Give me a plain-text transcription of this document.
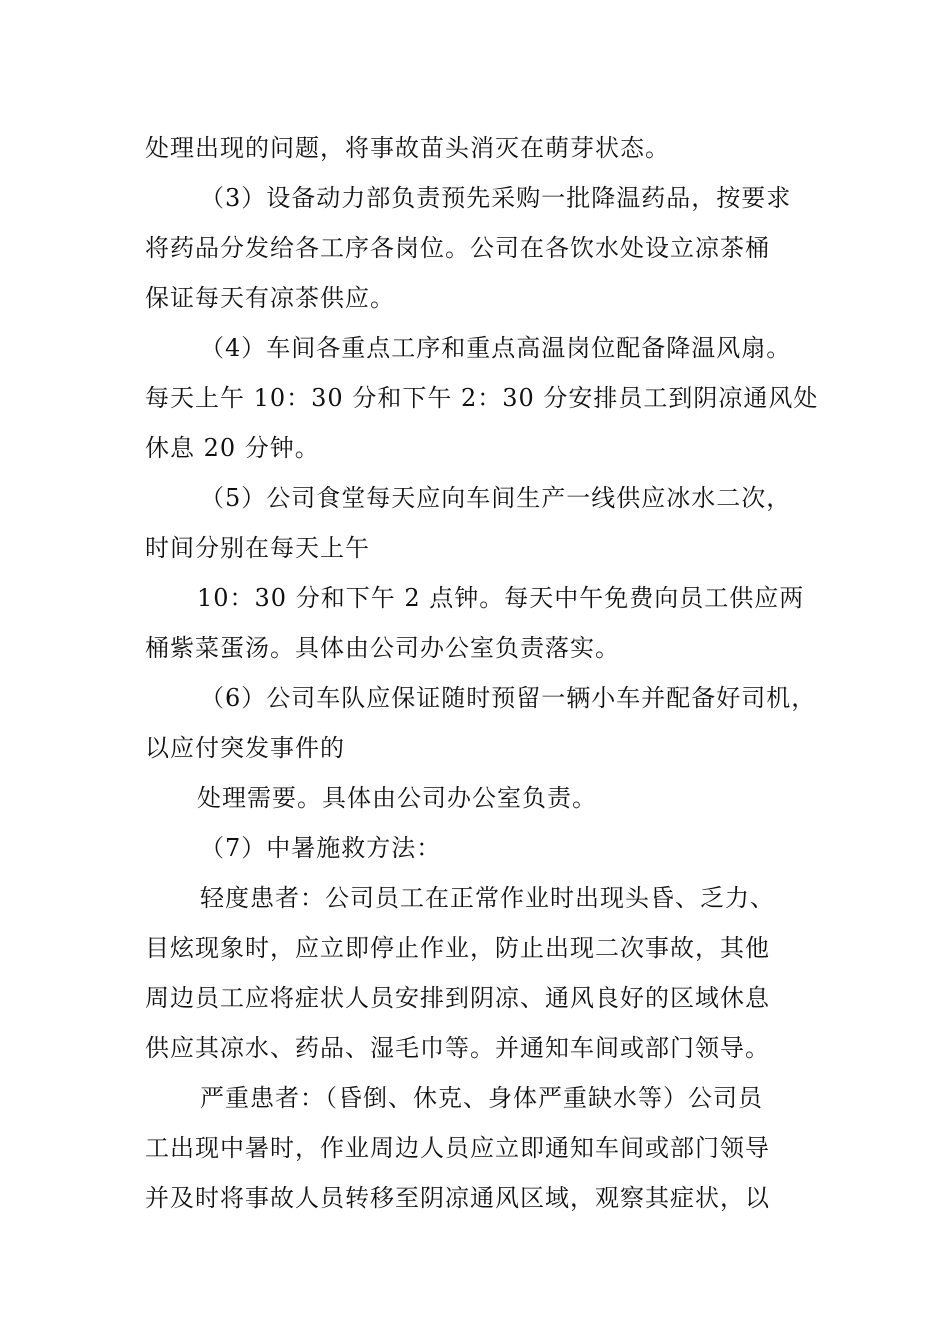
处理出现的问题，将事故苗头消灭在萌芽状态。
（3）设备动力部负责预先采购一批降温药品，按要求
将药品分发给各工序各岗位。公司在各饮水处设立凉茶桶
保证每天有凉茶供应。
（4）车间各重点工序和重点高温岗位配备降温风扇。
每天上午 10：30 分和下午 2：30 分安排员工到阴凉通风处
休息 20 分钟。
（5）公司食堂每天应向车间生产一线供应冰水二次，
时间分别在每天上午
10：30 分和下午 2 点钟。每天中午免费向员工供应两
桶紫菜蛋汤。具体由公司办公室负责落实。
（6）公司车队应保证随时预留一辆小车并配备好司机，
以应付突发事件的
处理需要。具体由公司办公室负责。
（7）中暑施救方法：
轻度患者：公司员工在正常作业时出现头昏、乏力、
目炫现象时，应立即停止作业，防止出现二次事故，其他
周边员工应将症状人员安排到阴凉、通风良好的区域休息
供应其凉水、药品、湿毛巾等。并通知车间或部门领导。
严重患者：（昏倒、休克、身体严重缺水等）公司员
工出现中暑时，作业周边人员应立即通知车间或部门领导
并及时将事故人员转移至阴凉通风区域，观察其症状，以
